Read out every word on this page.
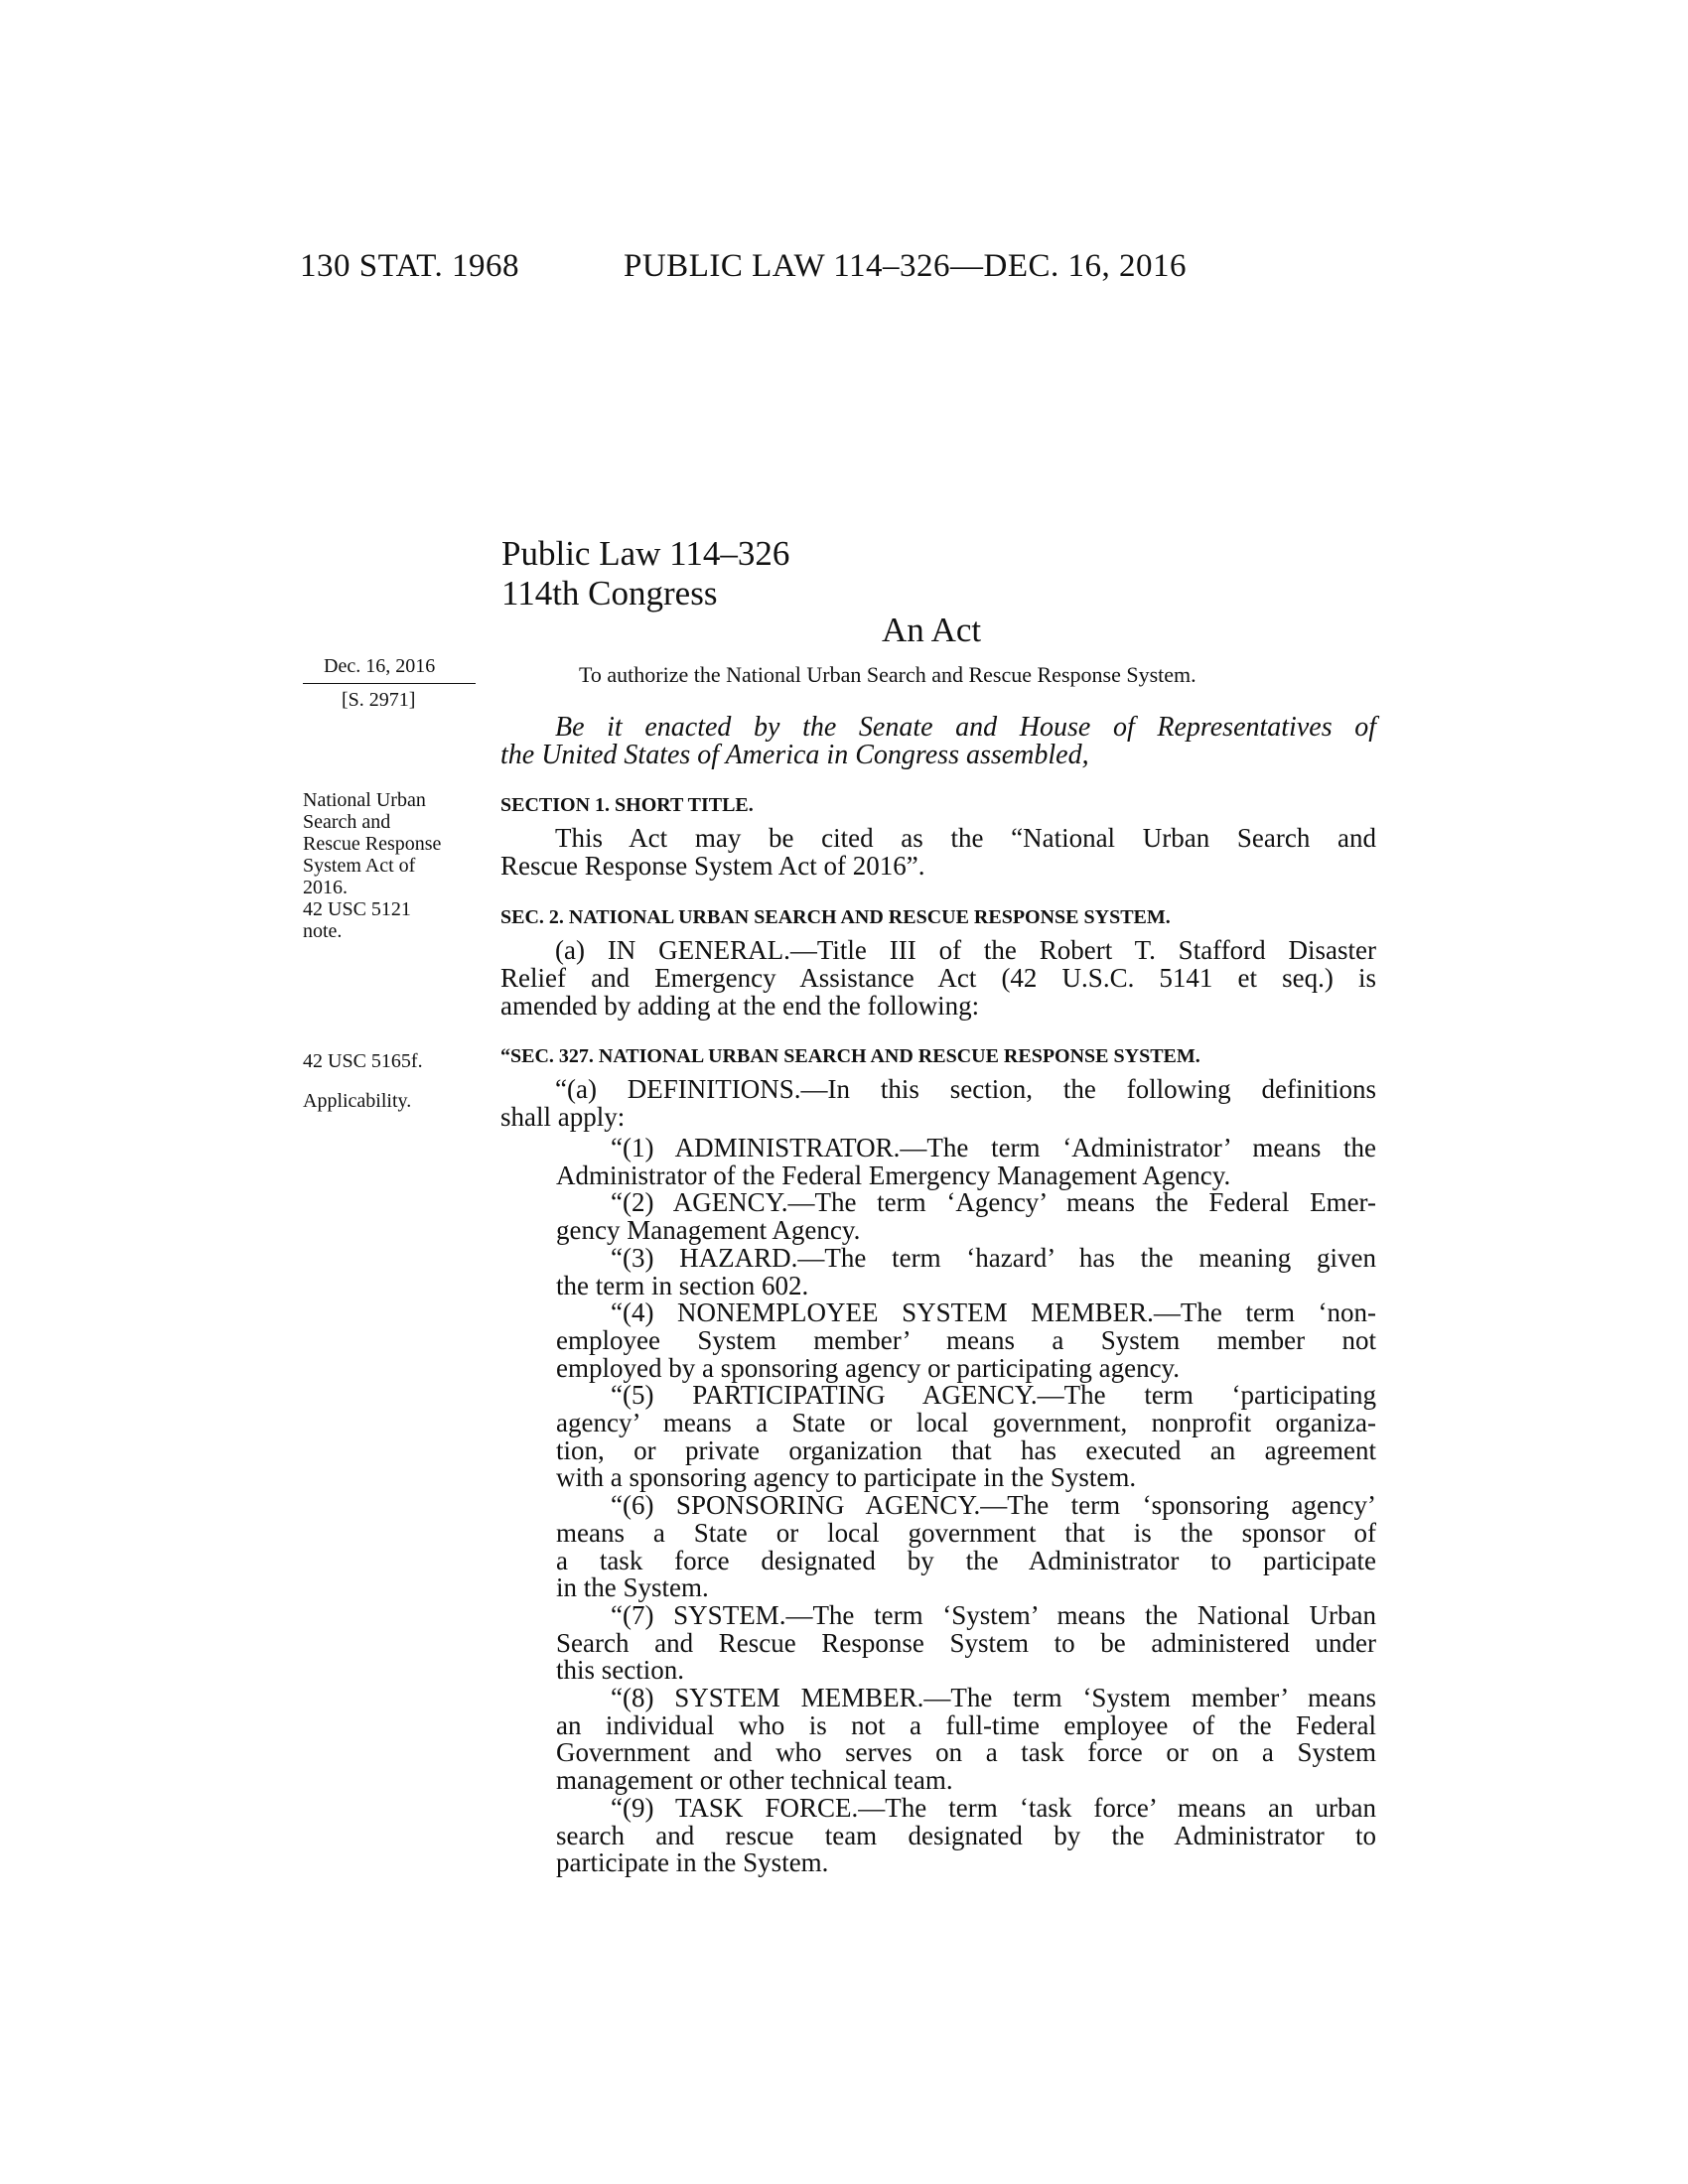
130 STAT. 1968	PUBLIC LAW 114–326—DEC. 16, 2016
Public Law 114–326
114th Congress
An Act
Dec. 16, 2016
[S. 2971]
National Urban
Search and
Rescue Response
System Act of
2016.
42 USC 5121
note.
42 USC 5165f.
Applicability.
To authorize the National Urban Search and Rescue Response System.
Be it enacted by the Senate and House of Representatives of
the United States of America in Congress assembled,
SECTION 1. SHORT TITLE.
This Act may be cited as the “National Urban Search and
Rescue Response System Act of 2016”.
SEC. 2. NATIONAL URBAN SEARCH AND RESCUE RESPONSE SYSTEM.
(a) IN GENERAL.—Title III of the Robert T. Stafford Disaster
Relief and Emergency Assistance Act (42 U.S.C. 5141 et seq.) is
amended by adding at the end the following:
“SEC. 327. NATIONAL URBAN SEARCH AND RESCUE RESPONSE SYSTEM.
“(a) DEFINITIONS.—In this section, the following definitions
shall apply:
“(1) ADMINISTRATOR.—The term ‘Administrator’ means the
Administrator of the Federal Emergency Management Agency.
“(2) AGENCY.—The term ‘Agency’ means the Federal Emer-
gency Management Agency.
“(3) HAZARD.—The term ‘hazard’ has the meaning given
the term in section 602.
“(4) NONEMPLOYEE SYSTEM MEMBER.—The term ‘non-
employee System member’ means a System member not
employed by a sponsoring agency or participating agency.
“(5) PARTICIPATING AGENCY.—The term ‘participating
agency’ means a State or local government, nonprofit organiza-
tion, or private organization that has executed an agreement
with a sponsoring agency to participate in the System.
“(6) SPONSORING AGENCY.—The term ‘sponsoring agency’
means a State or local government that is the sponsor of
a task force designated by the Administrator to participate
in the System.
“(7) SYSTEM.—The term ‘System’ means the National Urban
Search and Rescue Response System to be administered under
this section.
“(8) SYSTEM MEMBER.—The term ‘System member’ means
an individual who is not a full-time employee of the Federal
Government and who serves on a task force or on a System
management or other technical team.
“(9) TASK FORCE.—The term ‘task force’ means an urban
search and rescue team designated by the Administrator to
participate in the System.
